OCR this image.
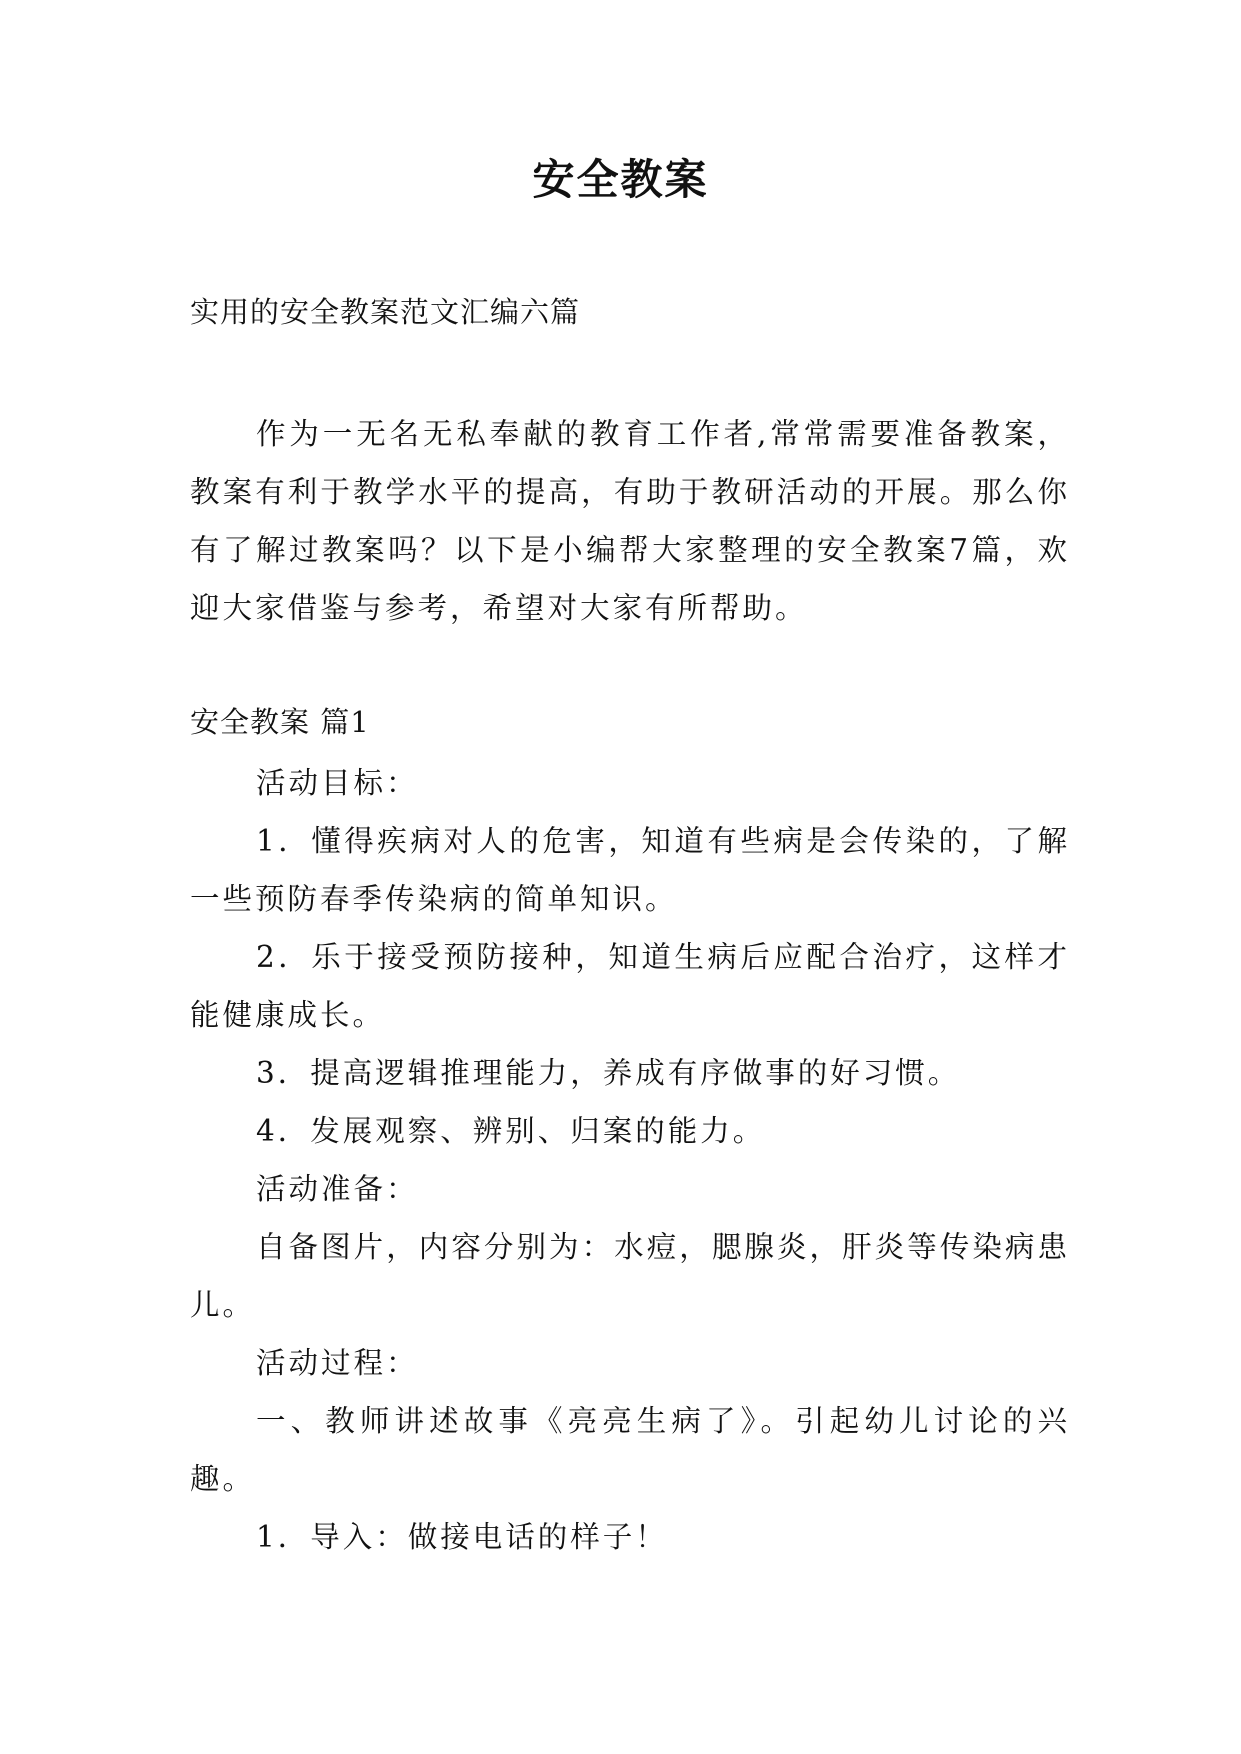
安全教案
实用的安全教案范文汇编六篇

作为一无名无私奉献的教育工作者,常常需要准备教案，教案有利于教学水平的提高，有助于教研活动的开展。那么你有了解过教案吗？以下是小编帮大家整理的安全教案7篇，欢迎大家借鉴与参考，希望对大家有所帮助。

安全教案 篇1

活动目标：

1．懂得疾病对人的危害，知道有些病是会传染的，了解一些预防春季传染病的简单知识。

2．乐于接受预防接种，知道生病后应配合治疗，这样才能健康成长。

3．提高逻辑推理能力，养成有序做事的好习惯。

4．发展观察、辨别、归案的能力。

活动准备：

自备图片，内容分别为：水痘，腮腺炎，肝炎等传染病患儿。

活动过程：

一、教师讲述故事《亮亮生病了》。引起幼儿讨论的兴趣。

1．导入：做接电话的样子！
